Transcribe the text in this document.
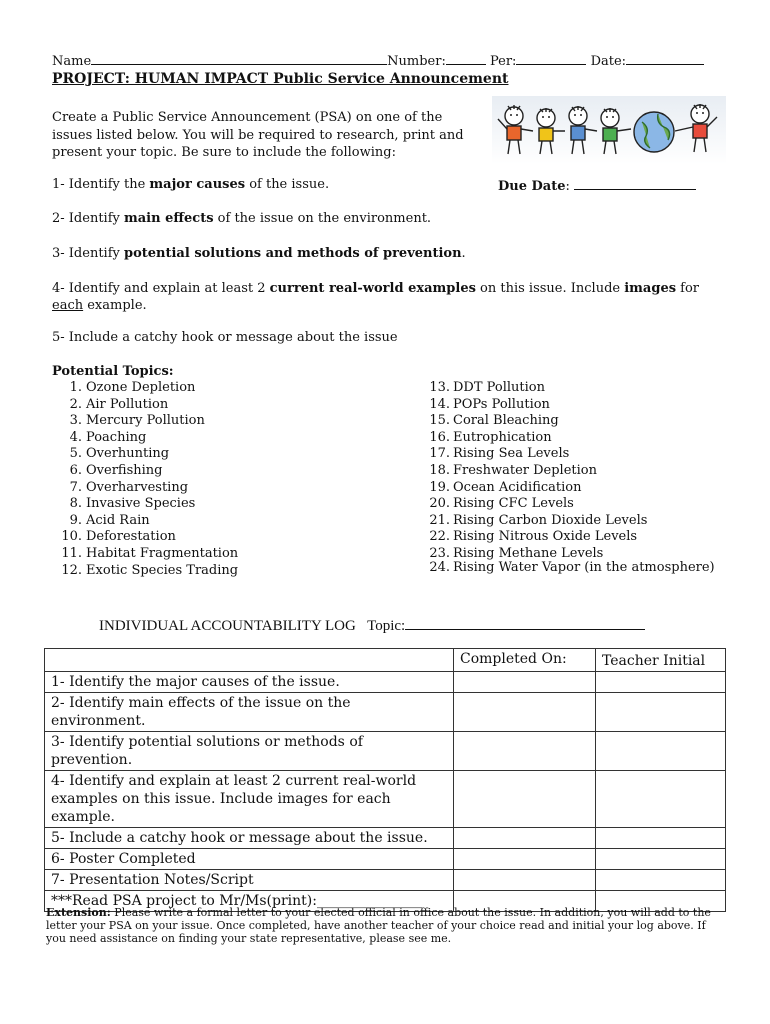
Name	Number:	Per:	Date:
PROJECT: HUMAN IMPACT Public Service Announcement
Create a Public Service Announcement (PSA) on one of the
issues listed below. You will be required to research, print and
present your topic. Be sure to include the following:
1- Identify the major causes of the issue.	Due Date:
2- Identify main effects of the issue on the environment.
3- Identify potential solutions and methods of prevention.
4- Identify and explain at least 2 current real-world examples on this issue. Include images for
each example.
5- Include a catchy hook or message about the issue
Potential Topics:
1. Ozone Depletion
2. Air Pollution
3. Mercury Pollution
4. Poaching
5. Overhunting
6. Overfishing
7. Overharvesting
8. Invasive Species
9. Acid Rain
10. Deforestation
11. Habitat Fragmentation
12. Exotic Species Trading
13. DDT Pollution
14. POPs Pollution
15. Coral Bleaching
16. Eutrophication
17. Rising Sea Levels
18. Freshwater Depletion
19. Ocean Acidification
20. Rising CFC Levels
21. Rising Carbon Dioxide Levels
22. Rising Nitrous Oxide Levels
23. Rising Methane Levels
24. Rising Water Vapor (in the atmosphere)
INDIVIDUAL ACCOUNTABILITY LOG Topic:
	Completed On:	Teacher Initial
1- Identify the major causes of the issue.		
2- Identify main effects of the issue on the environment.		
3- Identify potential solutions or methods of prevention.		
4- Identify and explain at least 2 current real-world examples on this issue. Include images for each example.		
5- Include a catchy hook or message about the issue.		
6- Poster Completed		
7- Presentation Notes/Script		
***Read PSA project to Mr/Ms(print):_______________		
Extension: Please write a formal letter to your elected official in office about the issue. In addition, you will add to the letter your PSA on your issue. Once completed, have another teacher of your choice read and initial your log above. If you need assistance on finding your state representative, please see me.
